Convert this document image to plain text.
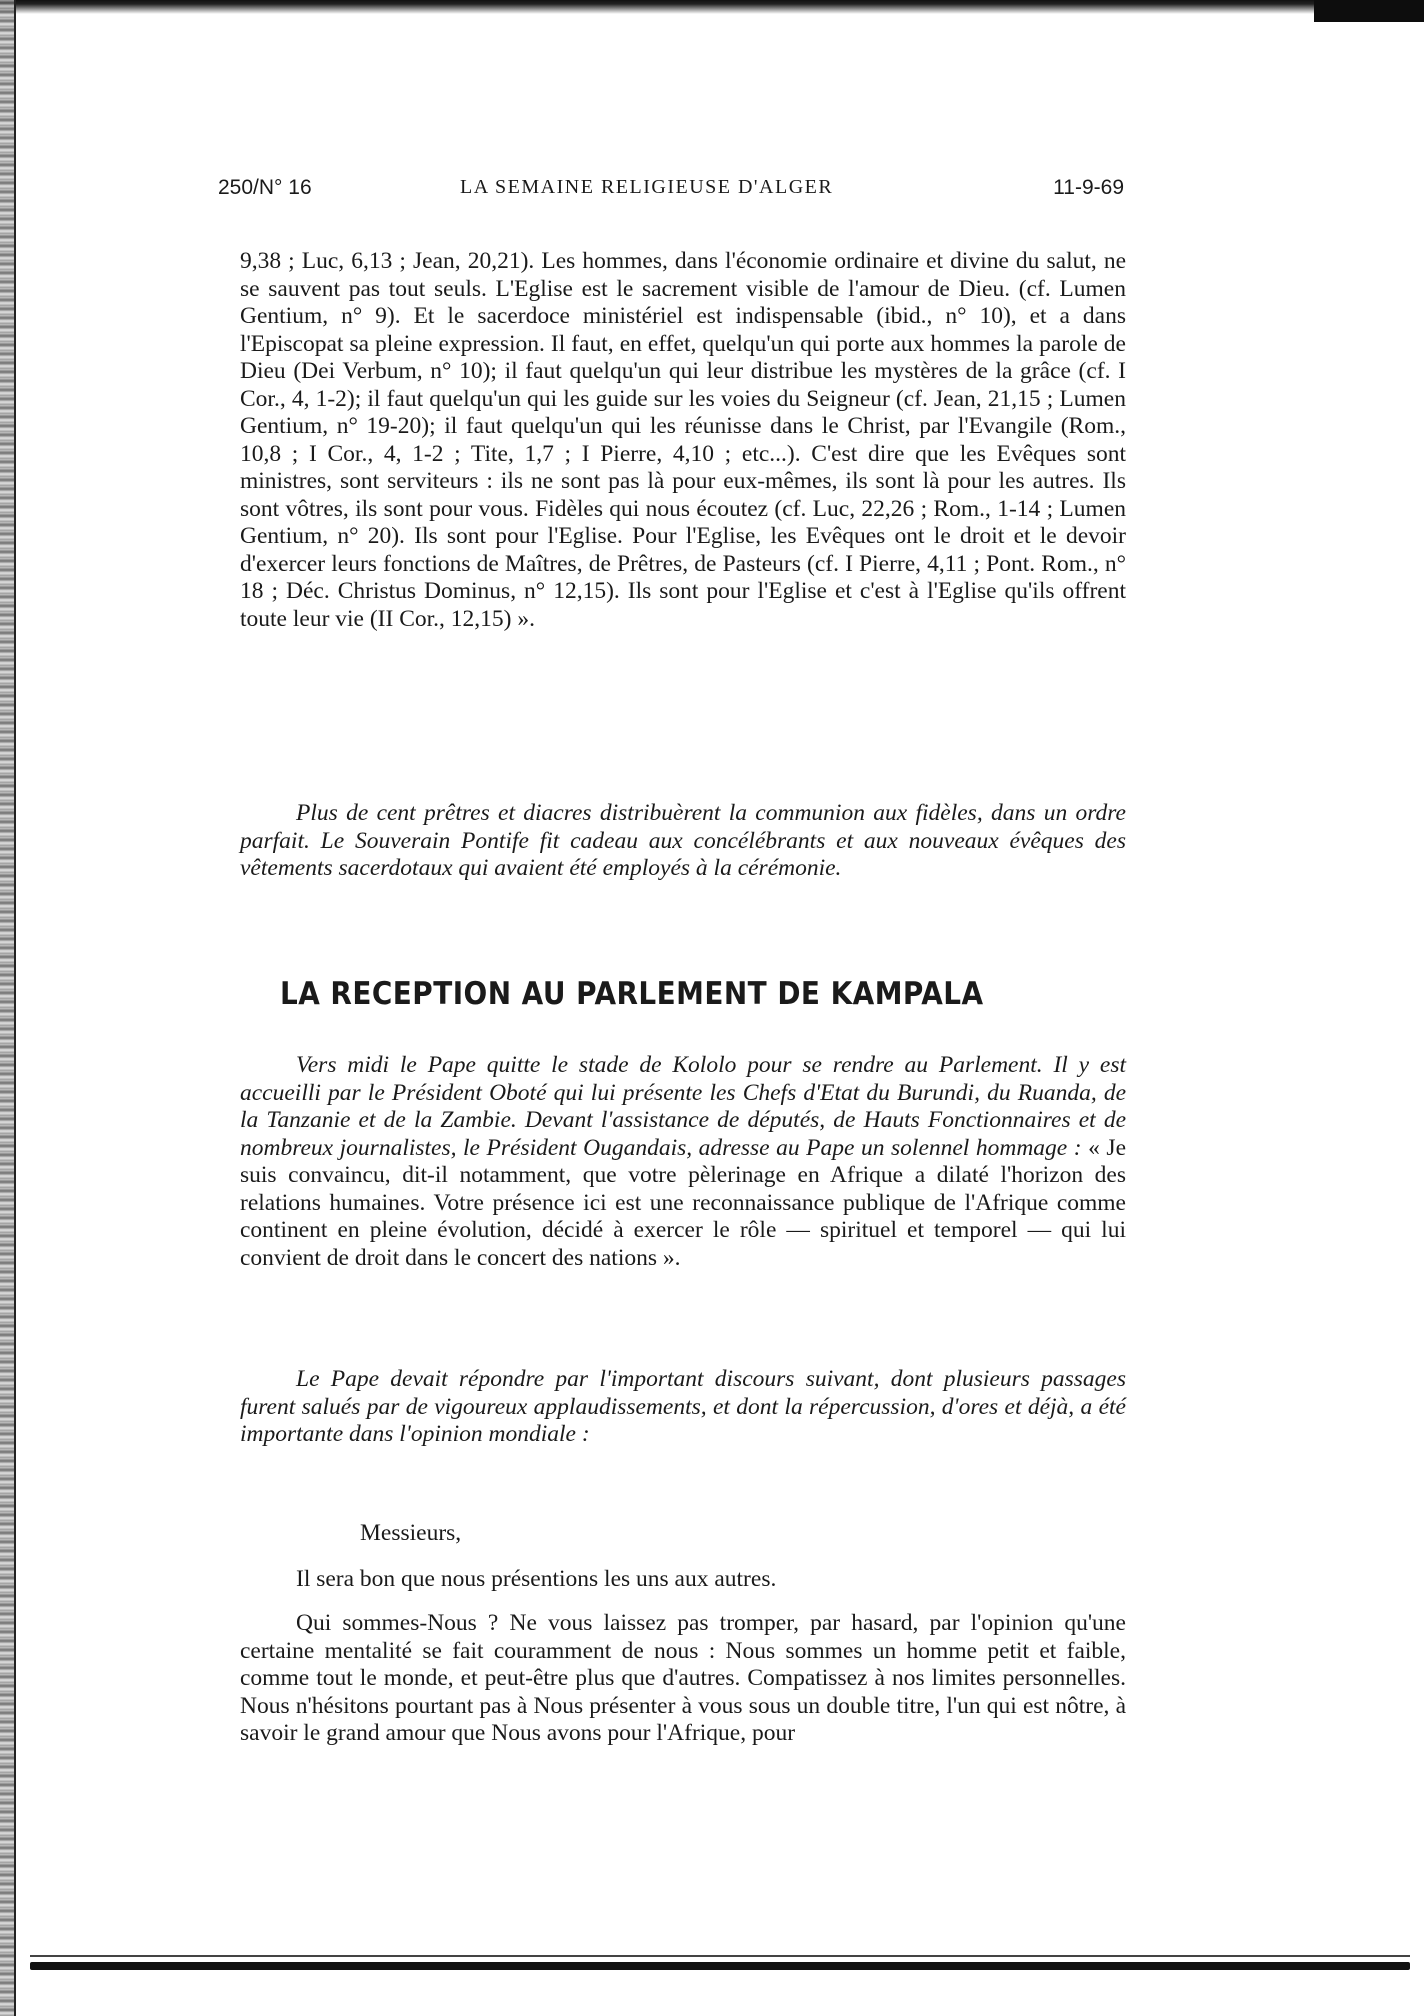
250/N° 16	LA SEMAINE RELIGIEUSE D'ALGER	11-9-69

9,38 ; Luc, 6,13 ; Jean, 20,21). Les hommes, dans l'économie ordinaire et divine du salut, ne se sauvent pas tout seuls. L'Eglise est le sacrement visible de l'amour de Dieu. (cf. Lumen Gentium, n° 9). Et le sacerdoce ministériel est indispensable (ibid., n° 10), et a dans l'Episcopat sa pleine expression. Il faut, en effet, quelqu'un qui porte aux hommes la parole de Dieu (Dei Verbum, n° 10); il faut quelqu'un qui leur distribue les mystères de la grâce (cf. I Cor., 4, 1-2); il faut quelqu'un qui les guide sur les voies du Seigneur (cf. Jean, 21,15 ; Lumen Gentium, n° 19-20); il faut quelqu'un qui les réunisse dans le Christ, par l'Evangile (Rom., 10,8 ; I Cor., 4, 1-2 ; Tite, 1,7 ; I Pierre, 4,10 ; etc...). C'est dire que les Evêques sont ministres, sont serviteurs : ils ne sont pas là pour eux-mêmes, ils sont là pour les autres. Ils sont vôtres, ils sont pour vous. Fidèles qui nous écoutez (cf. Luc, 22,26 ; Rom., 1-14 ; Lumen Gentium, n° 20). Ils sont pour l'Eglise. Pour l'Eglise, les Evêques ont le droit et le devoir d'exercer leurs fonctions de Maîtres, de Prêtres, de Pasteurs (cf. I Pierre, 4,11 ; Pont. Rom., n° 18 ; Déc. Christus Dominus, n° 12,15). Ils sont pour l'Eglise et c'est à l'Eglise qu'ils offrent toute leur vie (II Cor., 12,15) ».

Plus de cent prêtres et diacres distribuèrent la communion aux fidèles, dans un ordre parfait. Le Souverain Pontife fit cadeau aux concélébrants et aux nouveaux évêques des vêtements sacerdotaux qui avaient été employés à la cérémonie.

LA RECEPTION AU PARLEMENT DE KAMPALA

Vers midi le Pape quitte le stade de Kololo pour se rendre au Parlement. Il y est accueilli par le Président Oboté qui lui présente les Chefs d'Etat du Burundi, du Ruanda, de la Tanzanie et de la Zambie. Devant l'assistance de députés, de Hauts Fonctionnaires et de nombreux journalistes, le Président Ougandais, adresse au Pape un solennel hommage : « Je suis convaincu, dit-il notamment, que votre pèlerinage en Afrique a dilaté l'horizon des relations humaines. Votre présence ici est une reconnaissance publique de l'Afrique comme continent en pleine évolution, décidé à exercer le rôle — spirituel et temporel — qui lui convient de droit dans le concert des nations ».

Le Pape devait répondre par l'important discours suivant, dont plusieurs passages furent salués par de vigoureux applaudissements, et dont la répercussion, d'ores et déjà, a été importante dans l'opinion mondiale :

Messieurs,

Il sera bon que nous présentions les uns aux autres.

Qui sommes-Nous ? Ne vous laissez pas tromper, par hasard, par l'opinion qu'une certaine mentalité se fait couramment de nous : Nous sommes un homme petit et faible, comme tout le monde, et peut-être plus que d'autres. Compatissez à nos limites personnelles. Nous n'hésitons pourtant pas à Nous présenter à vous sous un double titre, l'un qui est nôtre, à savoir le grand amour que Nous avons pour l'Afrique, pour
